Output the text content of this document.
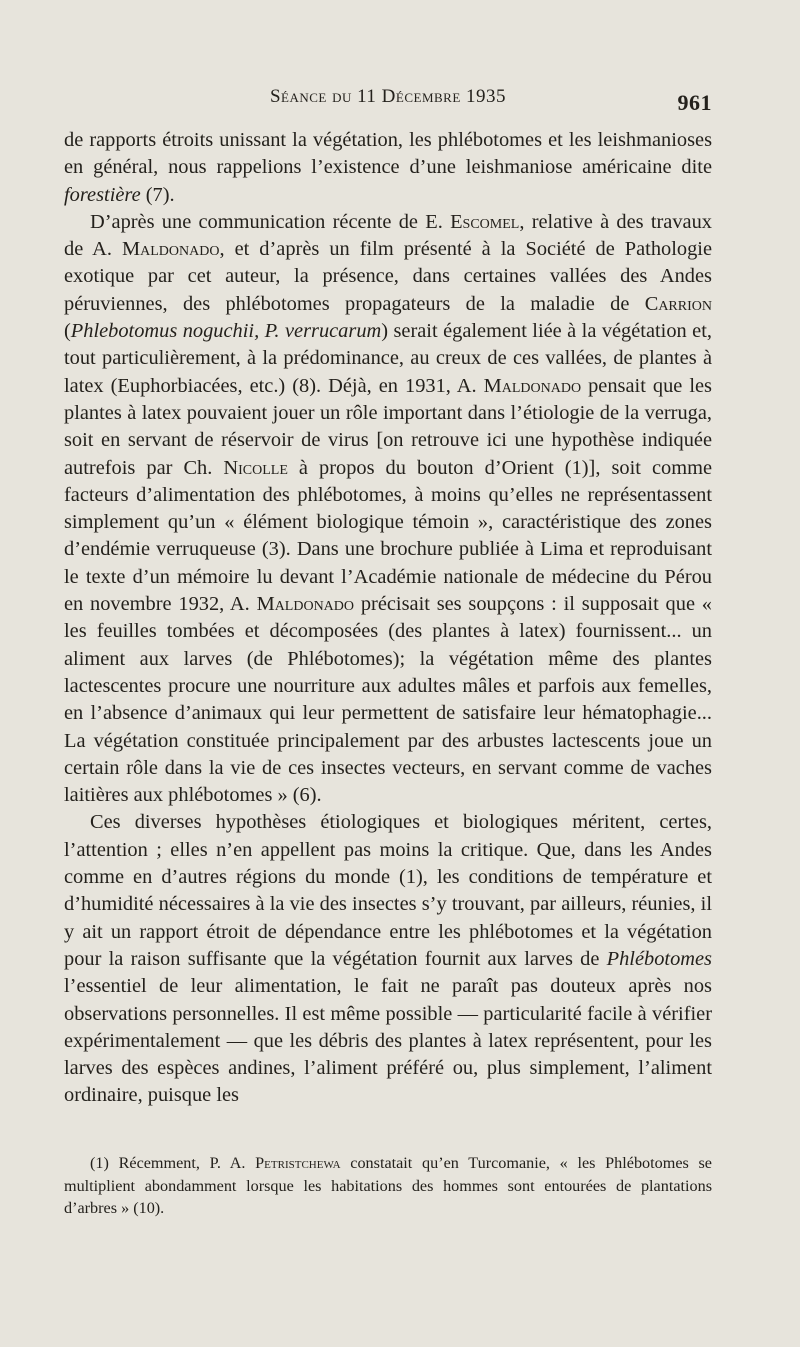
Séance du 11 Décembre 1935	961

de rapports étroits unissant la végétation, les phlébotomes et les leishmanioses en général, nous rappelions l’existence d’une leishmaniose américaine dite forestière (7).

D’après une communication récente de E. Escomel, relative à des travaux de A. Maldonado, et d’après un film présenté à la Société de Pathologie exotique par cet auteur, la présence, dans certaines vallées des Andes péruviennes, des phlébotomes propagateurs de la maladie de Carrion (Phlebotomus noguchii, P. verrucarum) serait également liée à la végétation et, tout particulièrement, à la prédominance, au creux de ces vallées, de plantes à latex (Euphorbiacées, etc.) (8). Déjà, en 1931, A. Maldonado pensait que les plantes à latex pouvaient jouer un rôle important dans l’étiologie de la verruga, soit en servant de réservoir de virus [on retrouve ici une hypothèse indiquée autrefois par Ch. Nicolle à propos du bouton d’Orient (1)], soit comme facteurs d’alimentation des phlébotomes, à moins qu’elles ne représentassent simplement qu’un « élément biologique témoin », caractéristique des zones d’endémie verruqueuse (3). Dans une brochure publiée à Lima et reproduisant le texte d’un mémoire lu devant l’Académie nationale de médecine du Pérou en novembre 1932, A. Maldonado précisait ses soupçons : il supposait que « les feuilles tombées et décomposées (des plantes à latex) fournissent... un aliment aux larves (de Phlébotomes); la végétation même des plantes lactescentes procure une nourriture aux adultes mâles et parfois aux femelles, en l’absence d’animaux qui leur permettent de satisfaire leur hématophagie... La végétation constituée principalement par des arbustes lactescents joue un certain rôle dans la vie de ces insectes vecteurs, en servant comme de vaches laitières aux phlébotomes » (6).

Ces diverses hypothèses étiologiques et biologiques méritent, certes, l’attention ; elles n’en appellent pas moins la critique. Que, dans les Andes comme en d’autres régions du monde (1), les conditions de température et d’humidité nécessaires à la vie des insectes s’y trouvant, par ailleurs, réunies, il y ait un rapport étroit de dépendance entre les phlébotomes et la végétation pour la raison suffisante que la végétation fournit aux larves de Phlébotomes l’essentiel de leur alimentation, le fait ne paraît pas douteux après nos observations personnelles. Il est même possible — particularité facile à vérifier expérimentalement — que les débris des plantes à latex représentent, pour les larves des espèces andines, l’aliment préféré ou, plus simplement, l’aliment ordinaire, puisque les

(1) Récemment, P. A. Petristchewa constatait qu’en Turcomanie, « les Phlébotomes se multiplient abondamment lorsque les habitations des hommes sont entourées de plantations d’arbres » (10).
